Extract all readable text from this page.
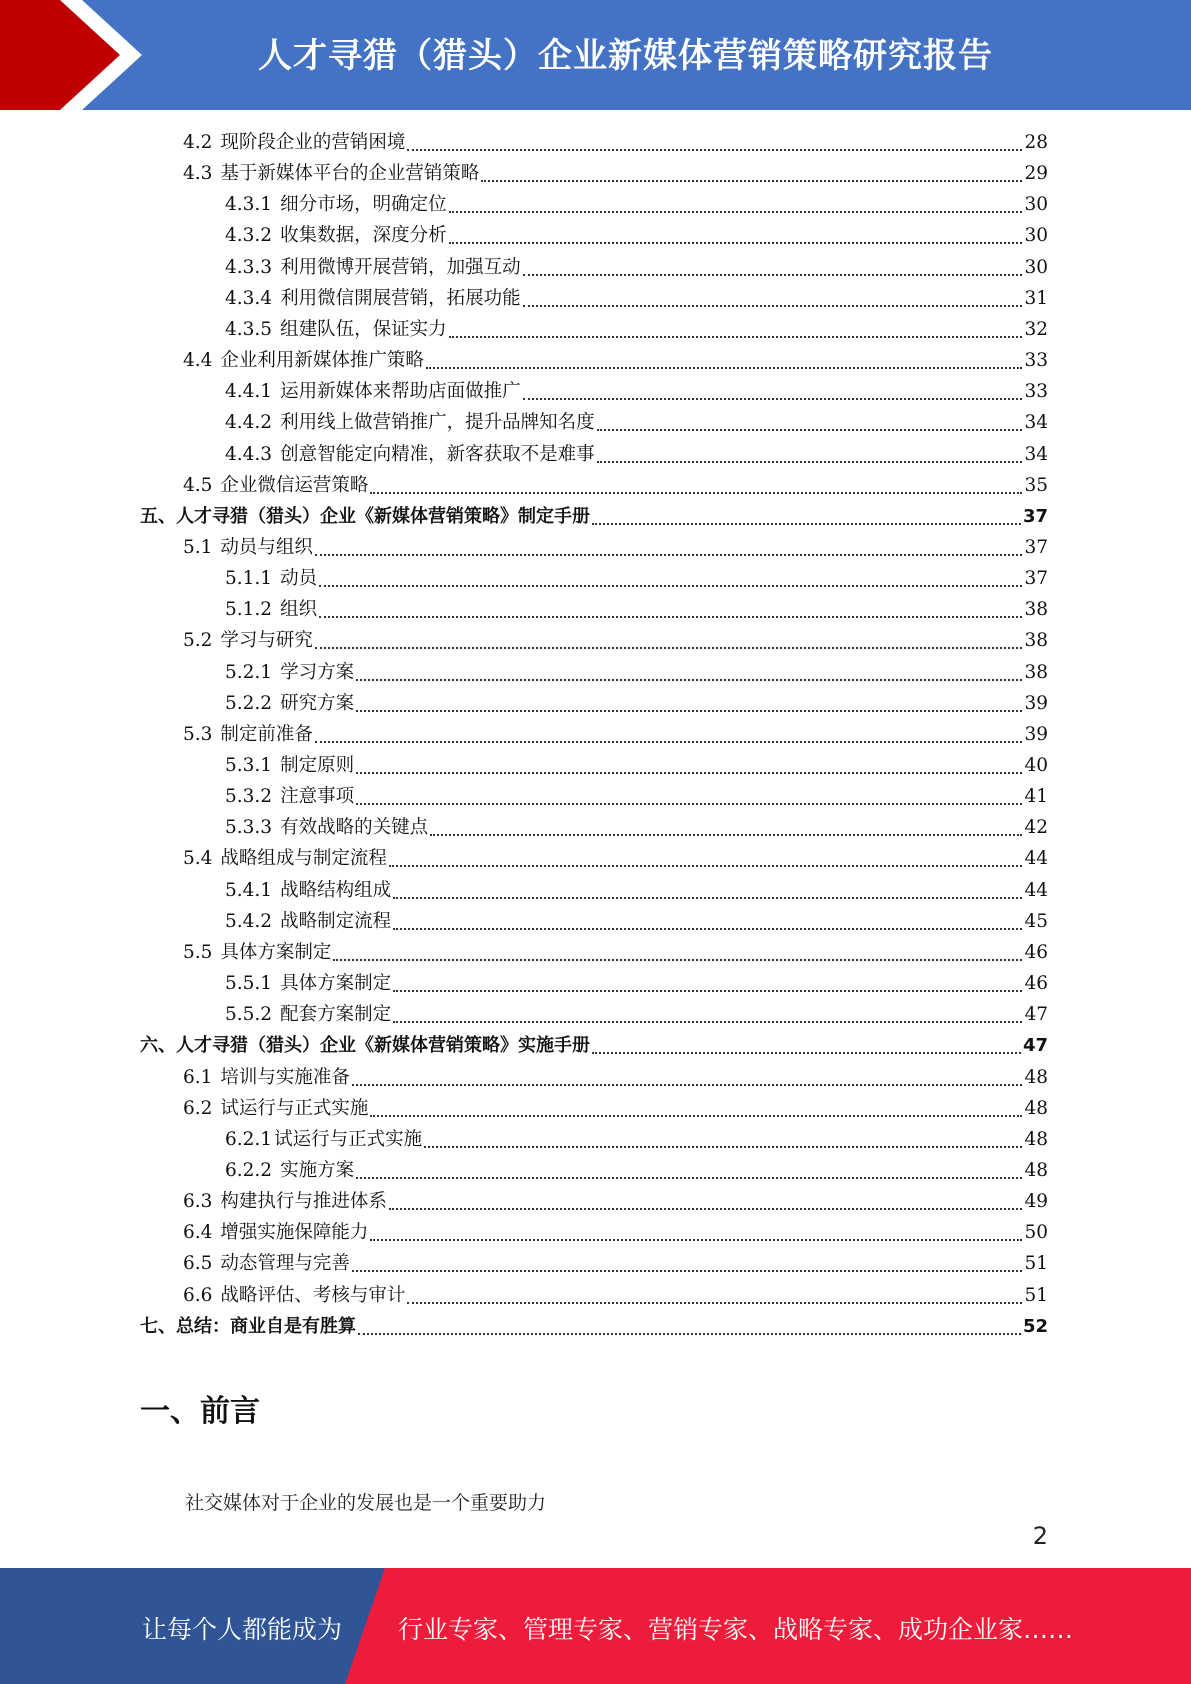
人才寻猎（猎头）企业新媒体营销策略研究报告
4.2 现阶段企业的营销困境	28
4.3 基于新媒体平台的企业营销策略	29
4.3.1 细分市场，明确定位	30
4.3.2 收集数据，深度分析	30
4.3.3 利用微博开展营销，加强互动	30
4.3.4 利用微信開展营销，拓展功能	31
4.3.5 组建队伍，保证实力	32
4.4 企业利用新媒体推广策略	33
4.4.1 运用新媒体来帮助店面做推广	33
4.4.2 利用线上做营销推广，提升品牌知名度	34
4.4.3 创意智能定向精准，新客获取不是难事	34
4.5 企业微信运营策略	35
五、人才寻猎（猎头）企业《新媒体营销策略》制定手册	37
5.1 动员与组织	37
5.1.1 动员	37
5.1.2 组织	38
5.2 学习与研究	38
5.2.1 学习方案	38
5.2.2 研究方案	39
5.3 制定前准备	39
5.3.1 制定原则	40
5.3.2 注意事项	41
5.3.3 有效战略的关键点	42
5.4 战略组成与制定流程	44
5.4.1 战略结构组成	44
5.4.2 战略制定流程	45
5.5 具体方案制定	46
5.5.1 具体方案制定	46
5.5.2 配套方案制定	47
六、人才寻猎（猎头）企业《新媒体营销策略》实施手册	47
6.1 培训与实施准备	48
6.2 试运行与正式实施	48
6.2.1 试运行与正式实施	48
6.2.2 实施方案	48
6.3 构建执行与推进体系	49
6.4 增强实施保障能力	50
6.5 动态管理与完善	51
6.6 战略评估、考核与审计	51
七、总结：商业自是有胜算	52
一、前言

社交媒体对于企业的发展也是一个重要助力

2
让每个人都能成为 行业专家、管理专家、营销专家、战略专家、成功企业家……
